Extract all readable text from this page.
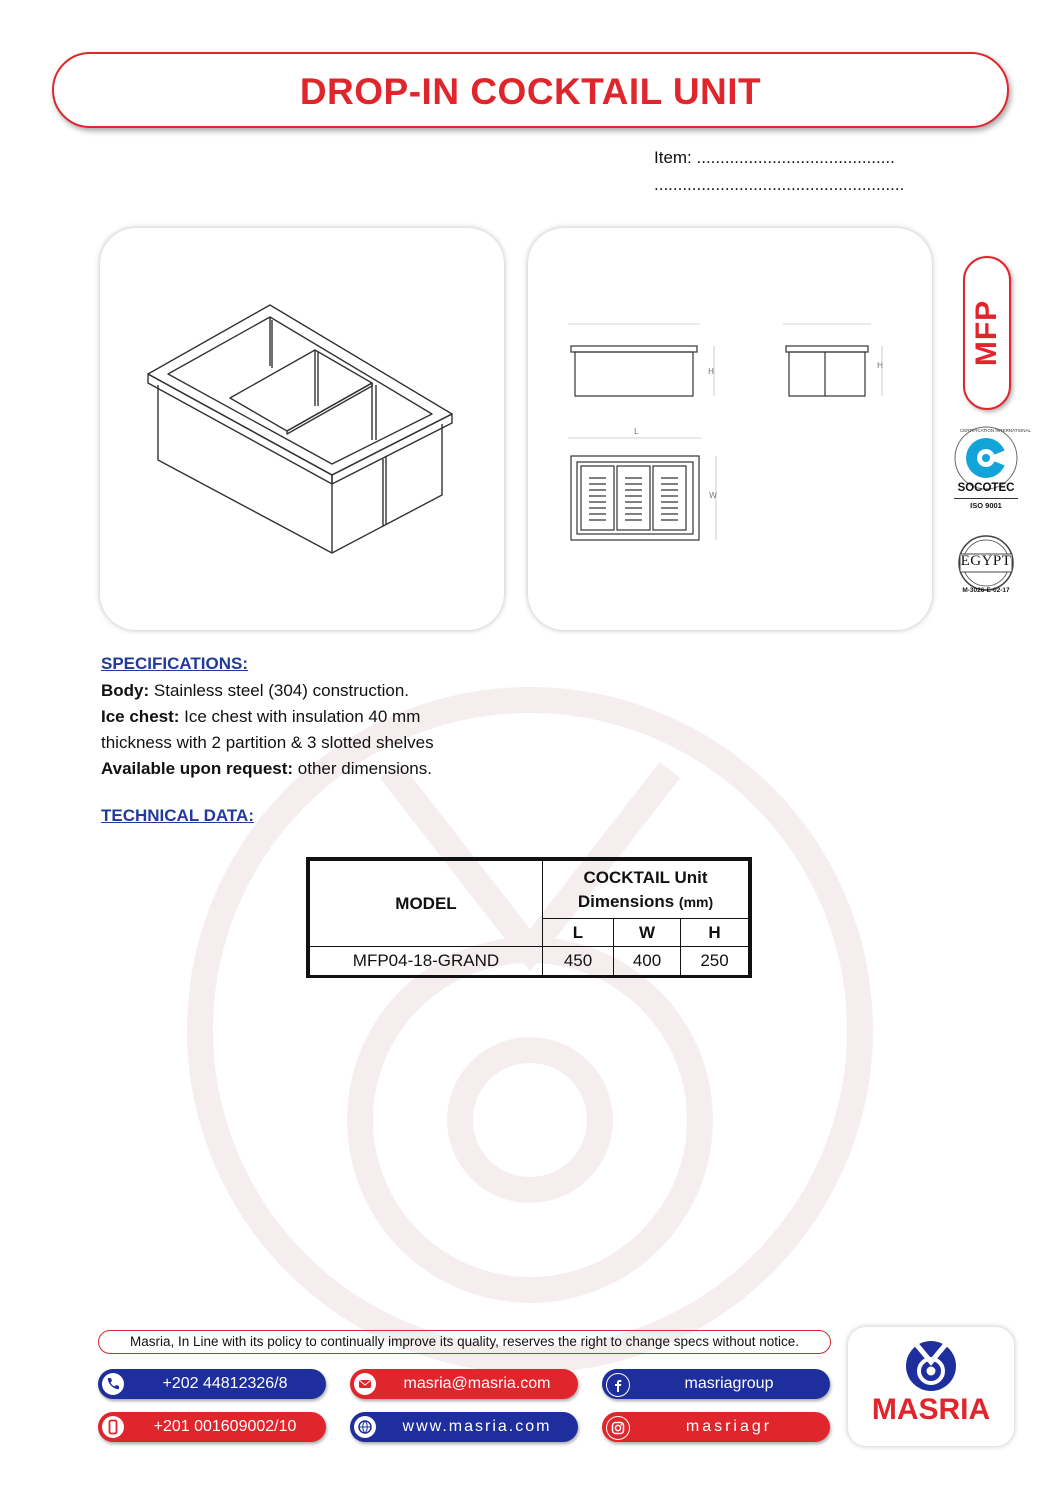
DROP-IN COCKTAIL UNIT
Item: ..........................................
.....................................................
H
H
L
W
MFP
SOCOTEC
ISO 9001
CERTIFICATION INTERNATIONAL
EGYPT
M-3026-E-02-17
SPECIFICATIONS:
Body: Stainless steel (304) construction.
Ice chest: Ice chest with insulation 40 mm
thickness with 2 partition & 3 slotted shelves
Available upon request: other dimensions.
TECHNICAL DATA:
MODEL	COCKTAIL Unit
Dimensions (mm)		

	L	W	H
MFP04-18-GRAND	450	400	250
Masria, In Line with its policy to continually improve its quality, reserves the right to change specs without notice.
+202 44812326/8
+201 001609002/10
masria@masria.com
www.masria.com
masriagroup
masriagr
MASRIA
